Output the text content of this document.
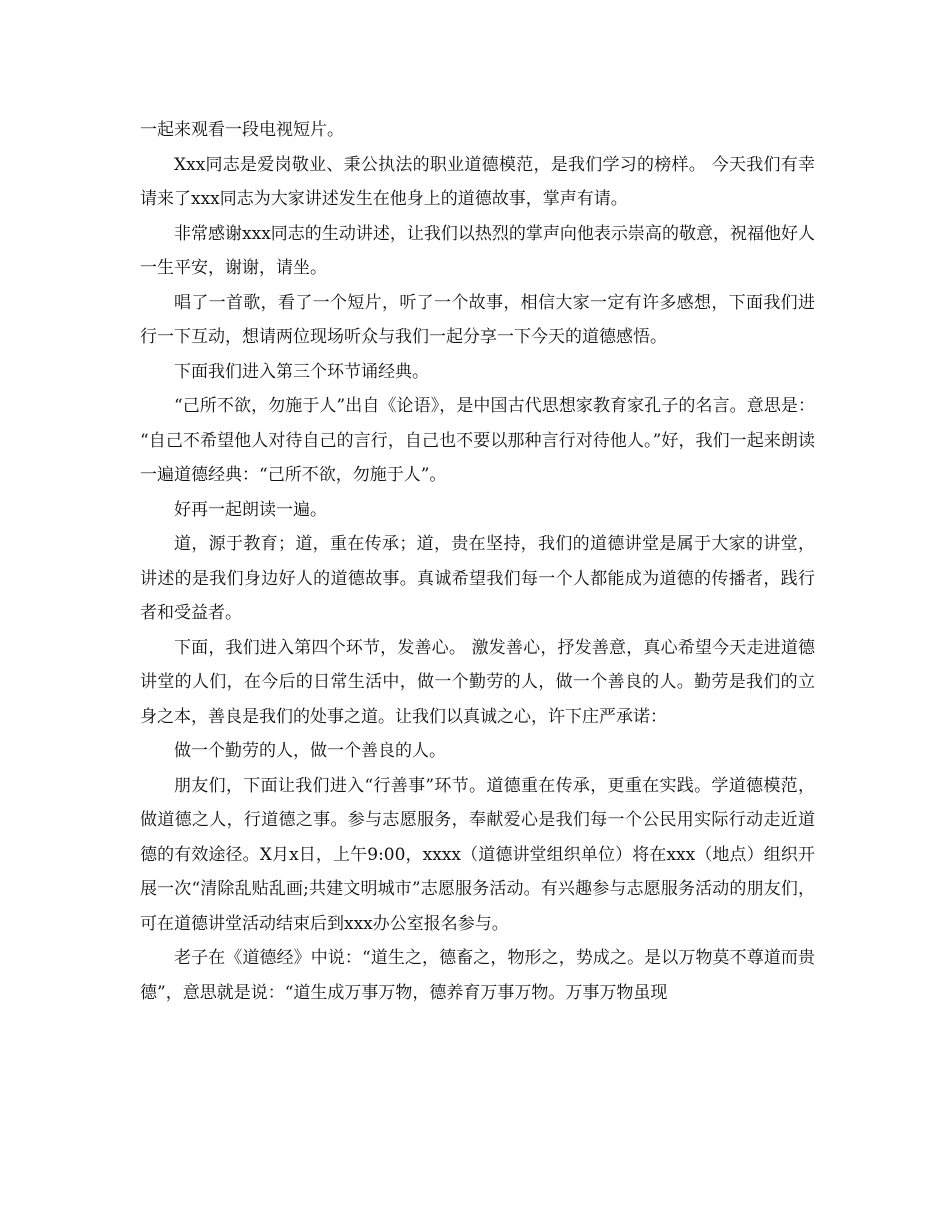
一起来观看一段电视短片。

Xxx同志是爱岗敬业、秉公执法的职业道德模范，是我们学习的榜样。 今天我们有幸请来了xxx同志为大家讲述发生在他身上的道德故事，掌声有请。

非常感谢xxx同志的生动讲述，让我们以热烈的掌声向他表示崇高的敬意，祝福他好人一生平安，谢谢，请坐。

唱了一首歌，看了一个短片，听了一个故事，相信大家一定有许多感想，下面我们进行一下互动，想请两位现场听众与我们一起分享一下今天的道德感悟。

下面我们进入第三个环节诵经典。

“己所不欲，勿施于人”出自《论语》，是中国古代思想家教育家孔子的名言。意思是：“自己不希望他人对待自己的言行，自己也不要以那种言行对待他人。”好，我们一起来朗读一遍道德经典：“己所不欲，勿施于人”。

好再一起朗读一遍。

道，源于教育；道，重在传承；道，贵在坚持，我们的道德讲堂是属于大家的讲堂，讲述的是我们身边好人的道德故事。真诚希望我们每一个人都能成为道德的传播者，践行者和受益者。

下面，我们进入第四个环节，发善心。 激发善心，抒发善意，真心希望今天走进道德讲堂的人们，在今后的日常生活中，做一个勤劳的人，做一个善良的人。勤劳是我们的立身之本，善良是我们的处事之道。让我们以真诚之心，许下庄严承诺：

做一个勤劳的人，做一个善良的人。

朋友们，下面让我们进入“行善事”环节。道德重在传承，更重在实践。学道德模范，做道德之人，行道德之事。参与志愿服务，奉献爱心是我们每一个公民用实际行动走近道德的有效途径。X月x日，上午9:00，xxxx（道德讲堂组织单位）将在xxx（地点）组织开展一次“清除乱贴乱画;共建文明城市”志愿服务活动。有兴趣参与志愿服务活动的朋友们，可在道德讲堂活动结束后到xxx办公室报名参与。

老子在《道德经》中说：“道生之，德畜之，物形之，势成之。是以万物莫不尊道而贵德”，意思就是说：“道生成万事万物，德养育万事万物。万事万物虽现
